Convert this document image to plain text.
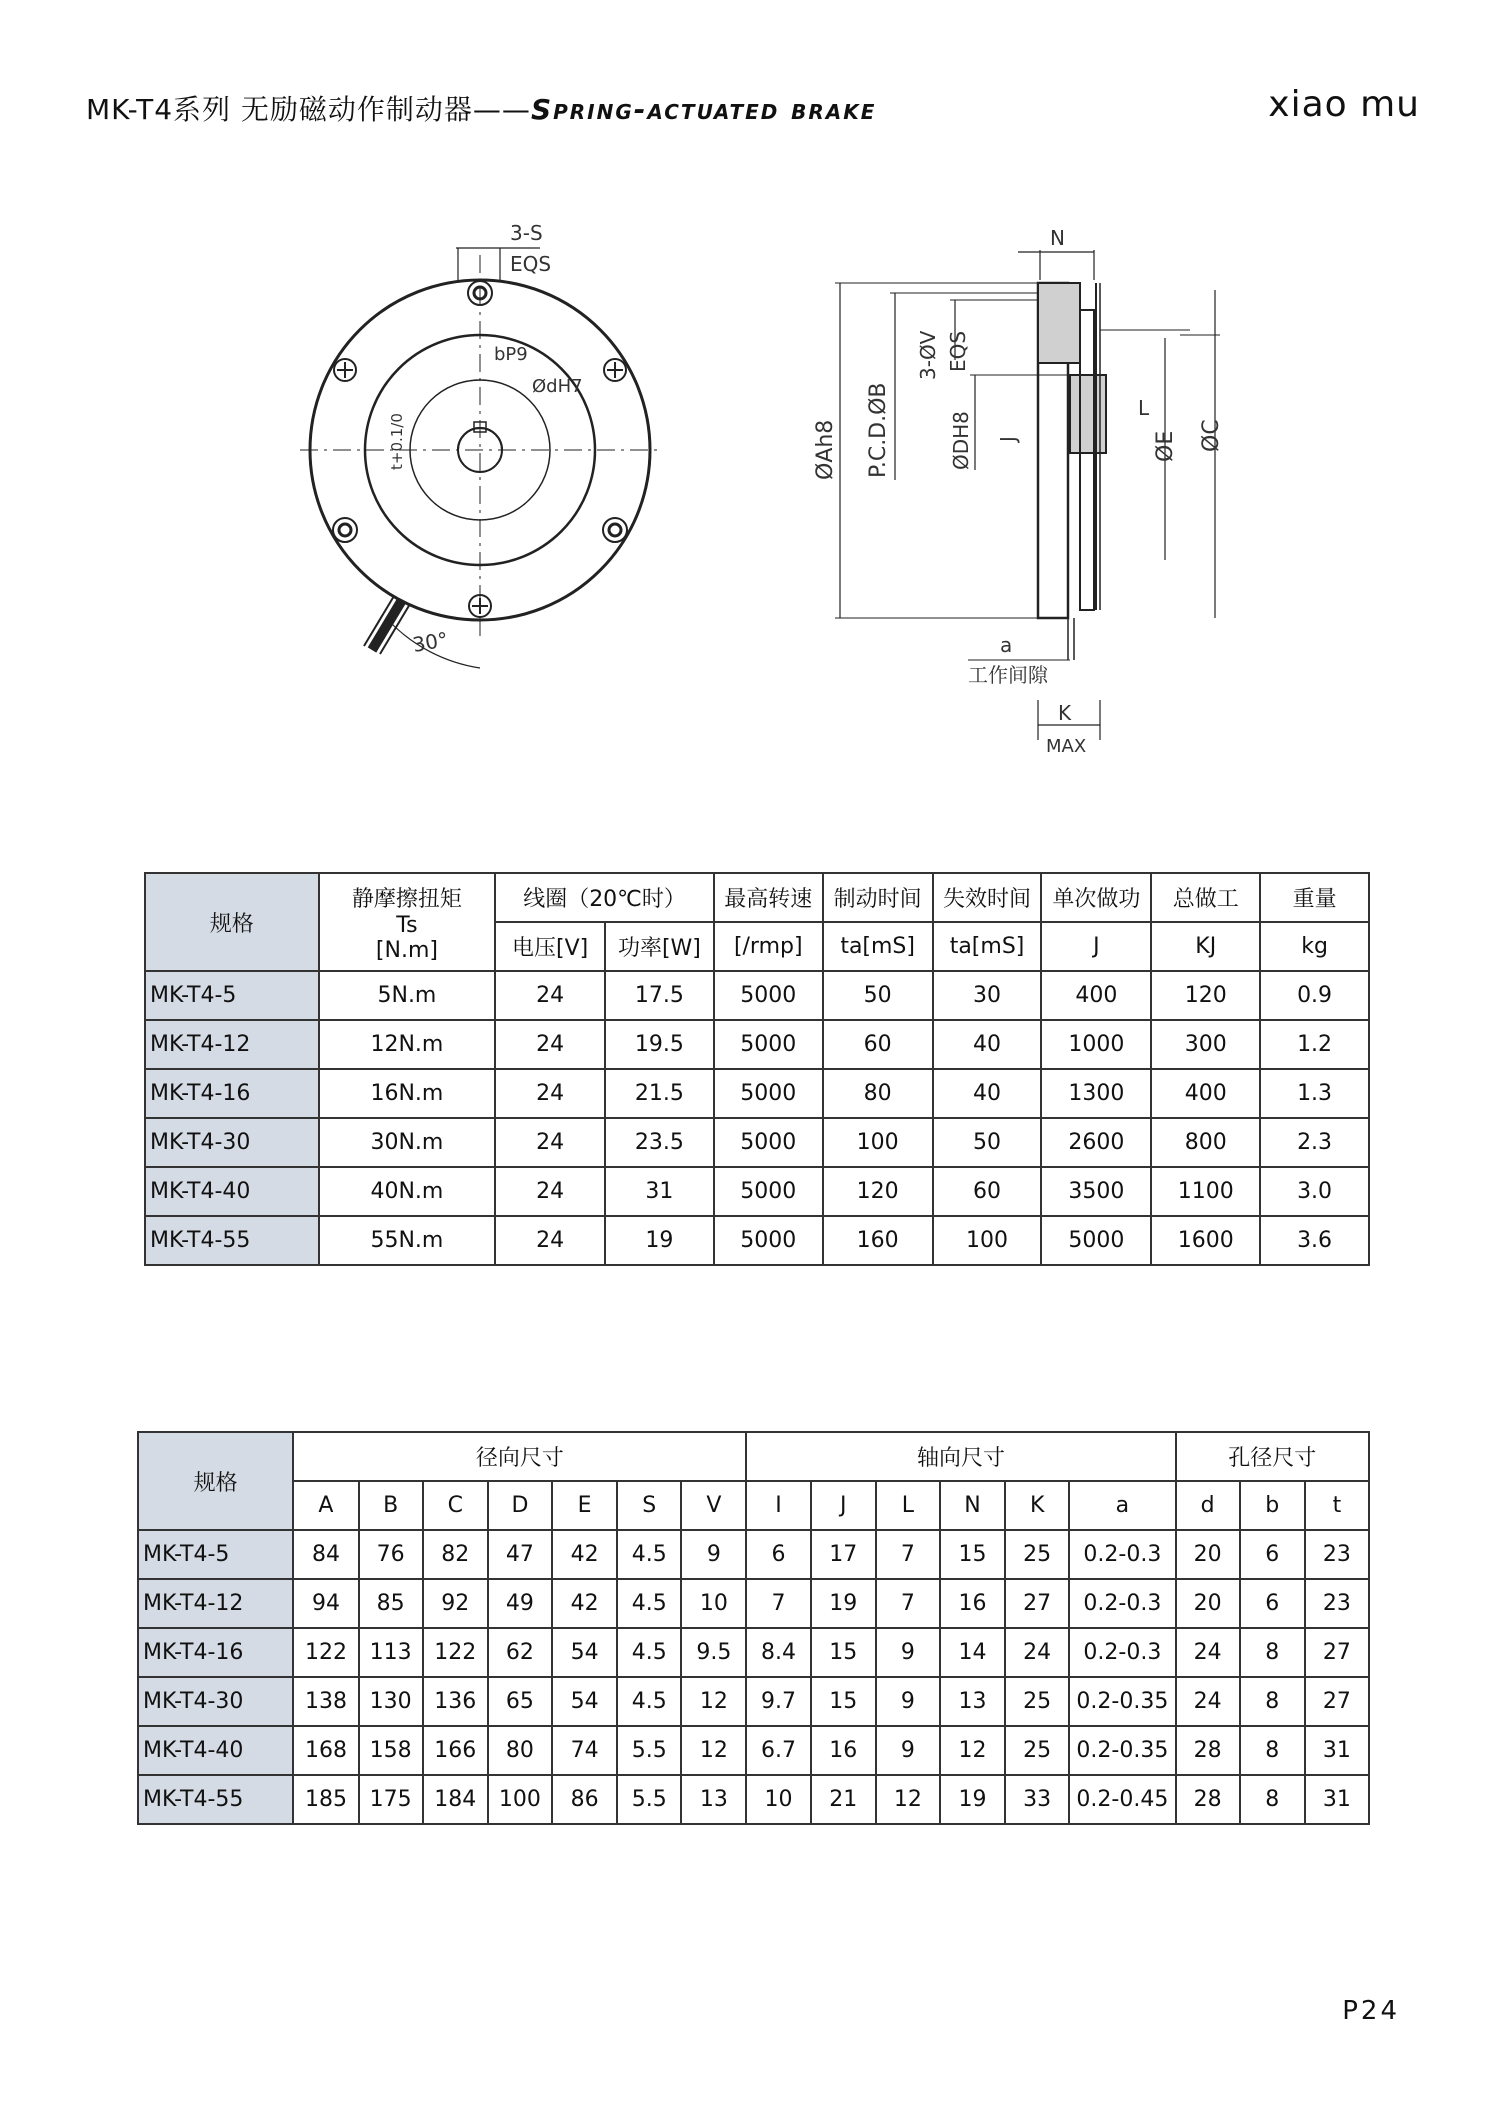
MK-T4系列 无励磁动作制动器——Spring-actuated brake	xiao mu
3-S
EQS
bP9
ØdH7
t+0.1/0
30°
N
3-ØV EQS
ØAh8 P.C.D.ØB	ØDH8 J
L
ØE ØC
a
工作间隙
K
MAX
规格	静摩擦扭矩
Ts
[N.m]	线圈（20℃时）		最高转速	制动时间	失效时间	单次做功	总做工	重量
		电压[V]	功率[W]	[/rmp]	ta[mS]	ta[mS]	J	KJ	kg
MK-T4-5	5N.m	24	17.5	5000	50	30	400	120	0.9
MK-T4-12	12N.m	24	19.5	5000	60	40	1000	300	1.2
MK-T4-16	16N.m	24	21.5	5000	80	40	1300	400	1.3
MK-T4-30	30N.m	24	23.5	5000	100	50	2600	800	2.3
MK-T4-40	40N.m	24	31	5000	120	60	3500	1100	3.0
MK-T4-55	55N.m	24	19	5000	160	100	5000	1600	3.6
规格	径向尺寸							轴向尺寸						孔径尺寸		
	A	B	C	D	E	S	V	I	J	L	N	K	a	d	b	t
MK-T4-5	84	76	82	47	42	4.5	9	6	17	7	15	25	0.2-0.3	20	6	23
MK-T4-12	94	85	92	49	42	4.5	10	7	19	7	16	27	0.2-0.3	20	6	23
MK-T4-16	122	113	122	62	54	4.5	9.5	8.4	15	9	14	24	0.2-0.3	24	8	27
MK-T4-30	138	130	136	65	54	4.5	12	9.7	15	9	13	25	0.2-0.35	24	8	27
MK-T4-40	168	158	166	80	74	5.5	12	6.7	16	9	12	25	0.2-0.35	28	8	31
MK-T4-55	185	175	184	100	86	5.5	13	10	21	12	19	33	0.2-0.45	28	8	31
P24
